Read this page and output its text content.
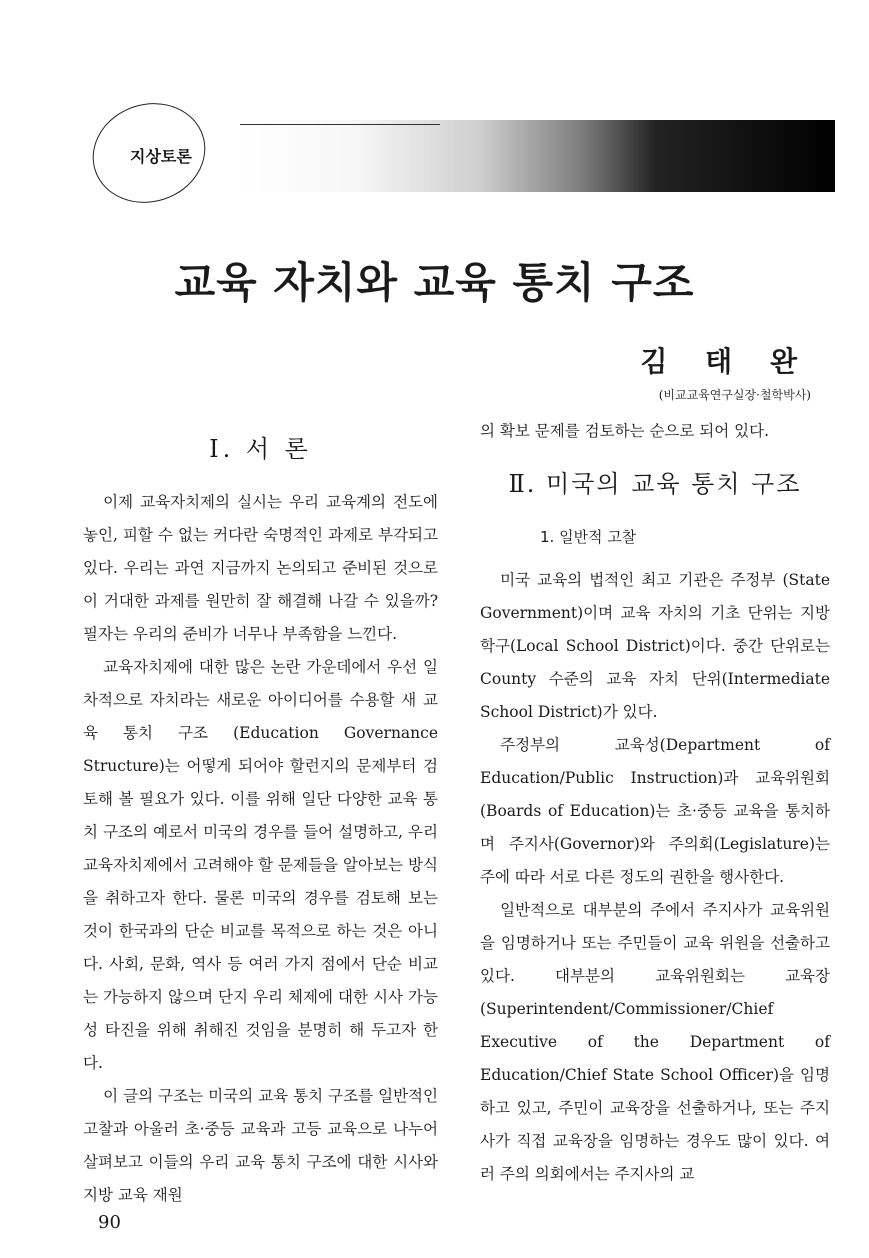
지상토론
교육 자치와 교육 통치 구조
김 태 완
(비교교육연구실장·철학박사)
Ⅰ. 서 론

이제 교육자치제의 실시는 우리 교육계의 전도에 놓인, 피할 수 없는 커다란 숙명적인 과제로 부각되고 있다. 우리는 과연 지금까지 논의되고 준비된 것으로 이 거대한 과제를 원만히 잘 해결해 나갈 수 있을까? 필자는 우리의 준비가 너무나 부족함을 느낀다.

교육자치제에 대한 많은 논란 가운데에서 우선 일차적으로 자치라는 새로운 아이디어를 수용할 새 교육 통치 구조 (Education Governance Structure)는 어떻게 되어야 할런지의 문제부터 검토해 볼 필요가 있다. 이를 위해 일단 다양한 교육 통치 구조의 예로서 미국의 경우를 들어 설명하고, 우리 교육자치제에서 고려해야 할 문제들을 알아보는 방식을 취하고자 한다. 물론 미국의 경우를 검토해 보는 것이 한국과의 단순 비교를 목적으로 하는 것은 아니다. 사회, 문화, 역사 등 여러 가지 점에서 단순 비교는 가능하지 않으며 단지 우리 체제에 대한 시사 가능성 타진을 위해 취해진 것임을 분명히 해 두고자 한다.

이 글의 구조는 미국의 교육 통치 구조를 일반적인 고찰과 아울러 초·중등 교육과 고등 교육으로 나누어 살펴보고 이들의 우리 교육 통치 구조에 대한 시사와 지방 교육 재원

의 확보 문제를 검토하는 순으로 되어 있다.

Ⅱ. 미국의 교육 통치 구조
1. 일반적 고찰

미국 교육의 법적인 최고 기관은 주정부 (State Government)이며 교육 자치의 기초 단위는 지방 학구(Local School District)이다. 중간 단위로는 County 수준의 교육 자치 단위(Intermediate School District)가 있다.

주정부의 교육성(Department of Education/Public Instruction)과 교육위원회 (Boards of Education)는 초·중등 교육을 통치하며 주지사(Governor)와 주의회(Legislature)는 주에 따라 서로 다른 정도의 권한을 행사한다.

일반적으로 대부분의 주에서 주지사가 교육위원을 임명하거나 또는 주민들이 교육 위원을 선출하고 있다. 대부분의 교육위원회는 교육장(Superintendent/Commissioner/Chief Executive of the Department of Education/Chief State School Officer)을 임명하고 있고, 주민이 교육장을 선출하거나, 또는 주지사가 직접 교육장을 임명하는 경우도 많이 있다. 여러 주의 의회에서는 주지사의 교

90
